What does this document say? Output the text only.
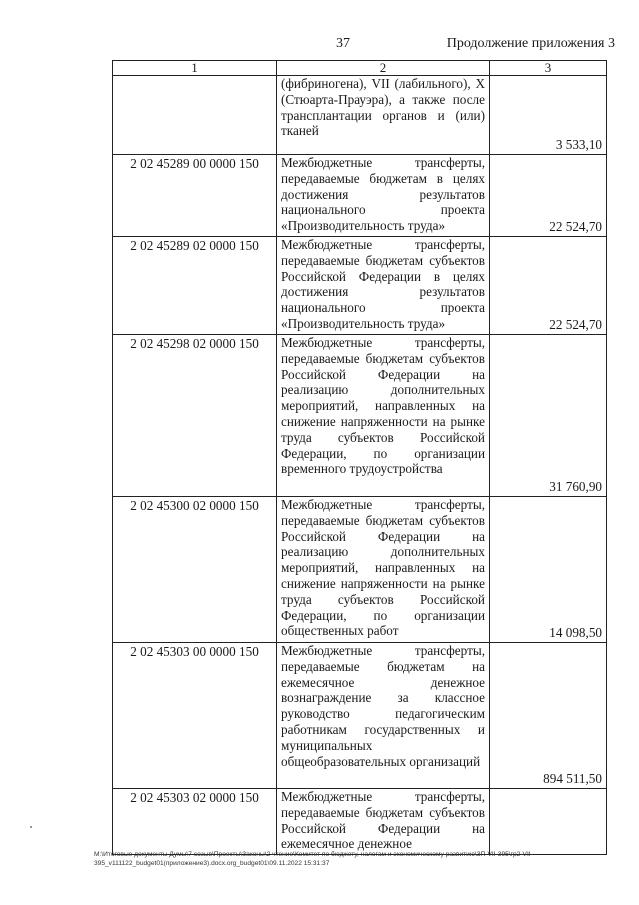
37	Продолжение приложения 3
1	2	3
	(фибриногена), VII (лабильного), X (Стюарта-Прауэра), а также после трансплантации органов и (или) тканей	3 533,10
2 02 45289 00 0000 150	Межбюджетные трансферты, передаваемые бюджетам в целях достижения результатов национального проекта «Производительность труда»	22 524,70
2 02 45289 02 0000 150	Межбюджетные трансферты, передаваемые бюджетам субъектов Российской Федерации в целях достижения результатов национального проекта «Производительность труда»	22 524,70
2 02 45298 02 0000 150	Межбюджетные трансферты, передаваемые бюджетам субъектов Российской Федерации на реализацию дополнительных мероприятий, направленных на снижение напряженности на рынке труда субъектов Российской Федерации, по организации временного трудоустройства	31 760,90
2 02 45300 02 0000 150	Межбюджетные трансферты, передаваемые бюджетам субъектов Российской Федерации на реализацию дополнительных мероприятий, направленных на снижение напряженности на рынке труда субъектов Российской Федерации, по организации общественных работ	14 098,50
2 02 45303 00 0000 150	Межбюджетные трансферты, передаваемые бюджетам на ежемесячное денежное вознаграждение за классное руководство педагогическим работникам государственных и муниципальных общеобразовательных организаций	894 511,50
2 02 45303 02 0000 150	Межбюджетные трансферты, передаваемые бюджетам субъектов Российской Федерации на ежемесячное денежное	
М:\Итоговые документы Думы\7 созыв\Проекты\Законы\2 чтение\Комитет по бюджету, налогам и экономическому развитию\ЗП-VII-395\гр2-VII-395_v111122_budget01(приложение3).docx.org_budget01\09.11.2022 15:31:37
